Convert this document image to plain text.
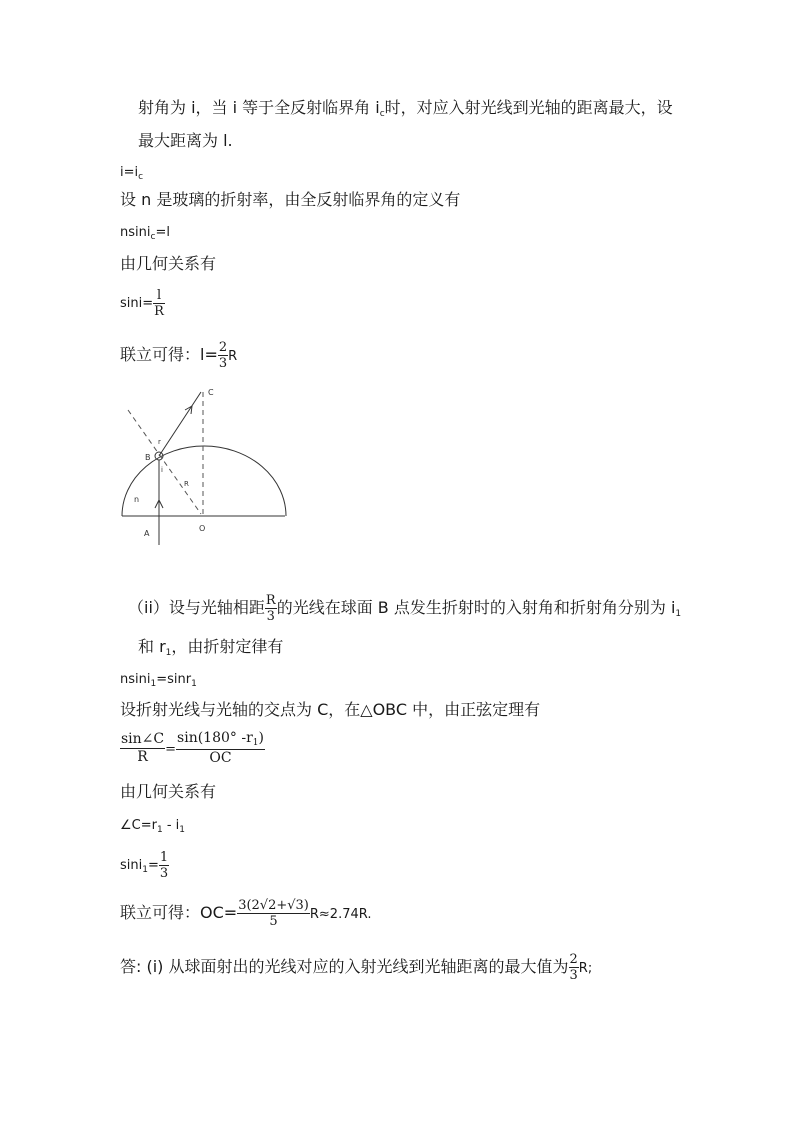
射角为 i，当 i 等于全反射临界角 ic时，对应入射光线到光轴的距离最大，设
最大距离为 l.
$i=i_c$
设 n 是玻璃的折射率，由全反射临界角的定义有
nsini$_c$=l
由几何关系有
$\sin i= \frac{l}{R}$
联立可得：$l= \frac{2}{3}$ R
C
B
r
i
R
n
O
A
（ii）设与光轴相距 $\frac{R}{3}$ 的光线在球面 B 点发生折射时的入射角和折射角分别为 i1
和 r1，由折射定律有
nsini$_1$=sinr$_1$
设折射光线与光轴的交点为 C，在△OBC 中，由正弦定理有
$\frac{\sin\angle C}{R} = \frac{\sin(180^\circ -r_1)}{OC}$
由几何关系有
$\angle C=r_1 - i_1$
$\sin i_1= \frac{1}{3}$
联立可得：$OC= \frac{3(2√2+√3)}{5} R\approx 2.74R$.
答: (i) 从球面射出的光线对应的入射光线到光轴距离的最大值为 $\frac{2}{3} R$;
